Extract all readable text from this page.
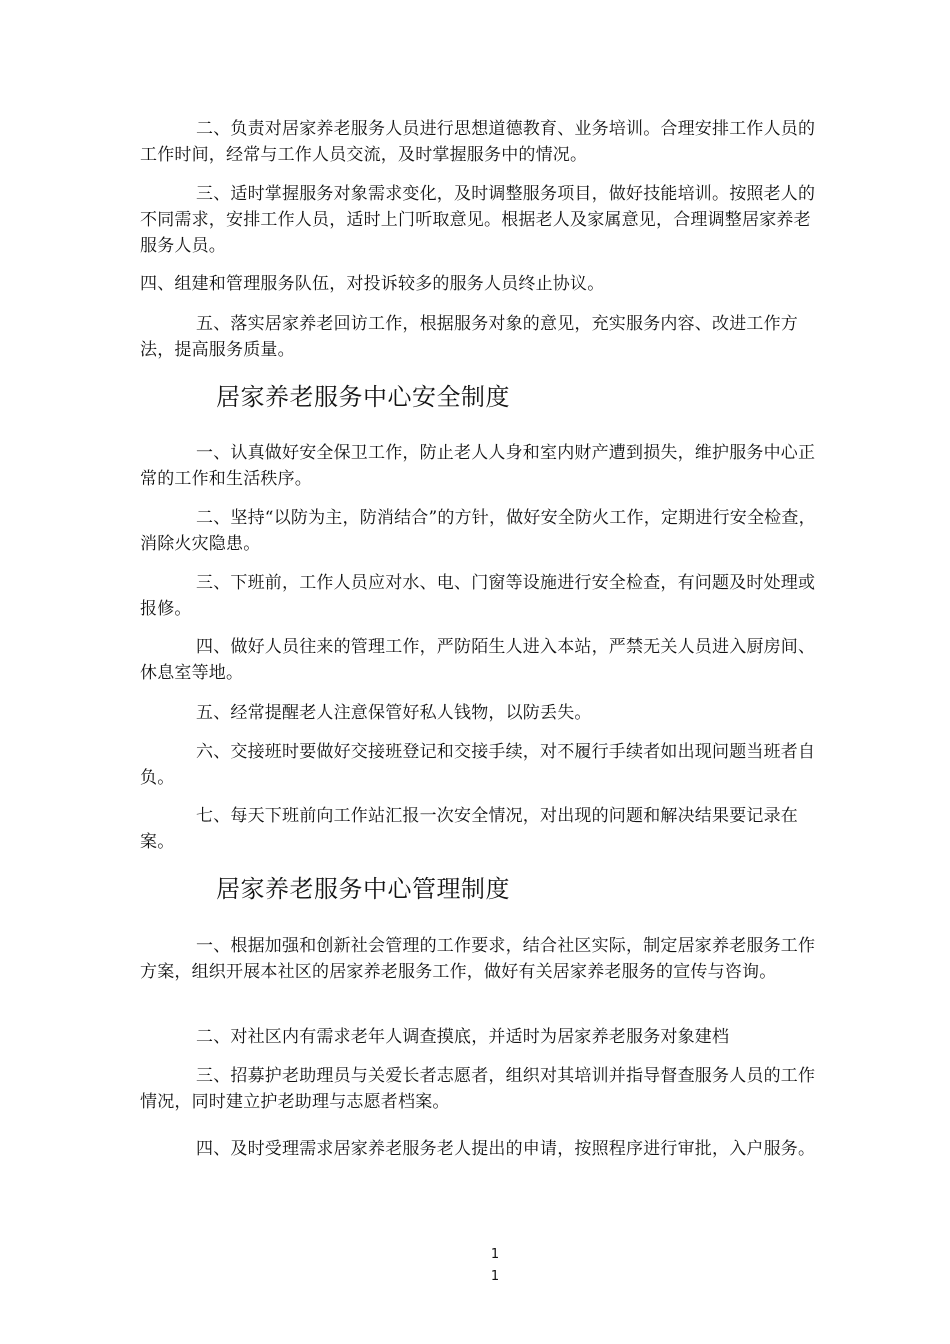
二、负责对居家养老服务人员进行思想道德教育、业务培训。合理安排工作人员的工作时间，经常与工作人员交流，及时掌握服务中的情况。

三、适时掌握服务对象需求变化，及时调整服务项目，做好技能培训。按照老人的不同需求，安排工作人员，适时上门听取意见。根据老人及家属意见，合理调整居家养老服务人员。

四、组建和管理服务队伍，对投诉较多的服务人员终止协议。

五、落实居家养老回访工作，根据服务对象的意见，充实服务内容、改进工作方法，提高服务质量。

居家养老服务中心安全制度

一、认真做好安全保卫工作，防止老人人身和室内财产遭到损失，维护服务中心正常的工作和生活秩序。

二、坚持“以防为主，防消结合”的方针，做好安全防火工作，定期进行安全检查，消除火灾隐患。

三、下班前，工作人员应对水、电、门窗等设施进行安全检查，有问题及时处理或报修。

四、做好人员往来的管理工作，严防陌生人进入本站，严禁无关人员进入厨房间、休息室等地。

五、经常提醒老人注意保管好私人钱物，以防丢失。

六、交接班时要做好交接班登记和交接手续，对不履行手续者如出现问题当班者自负。

七、每天下班前向工作站汇报一次安全情况，对出现的问题和解决结果要记录在案。

居家养老服务中心管理制度

一、根据加强和创新社会管理的工作要求，结合社区实际，制定居家养老服务工作方案，组织开展本社区的居家养老服务工作，做好有关居家养老服务的宣传与咨询。

二、对社区内有需求老年人调查摸底，并适时为居家养老服务对象建档

三、招募护老助理员与关爱长者志愿者，组织对其培训并指导督查服务人员的工作情况，同时建立护老助理与志愿者档案。

四、及时受理需求居家养老服务老人提出的申请，按照程序进行审批，入户服务。

1
1
